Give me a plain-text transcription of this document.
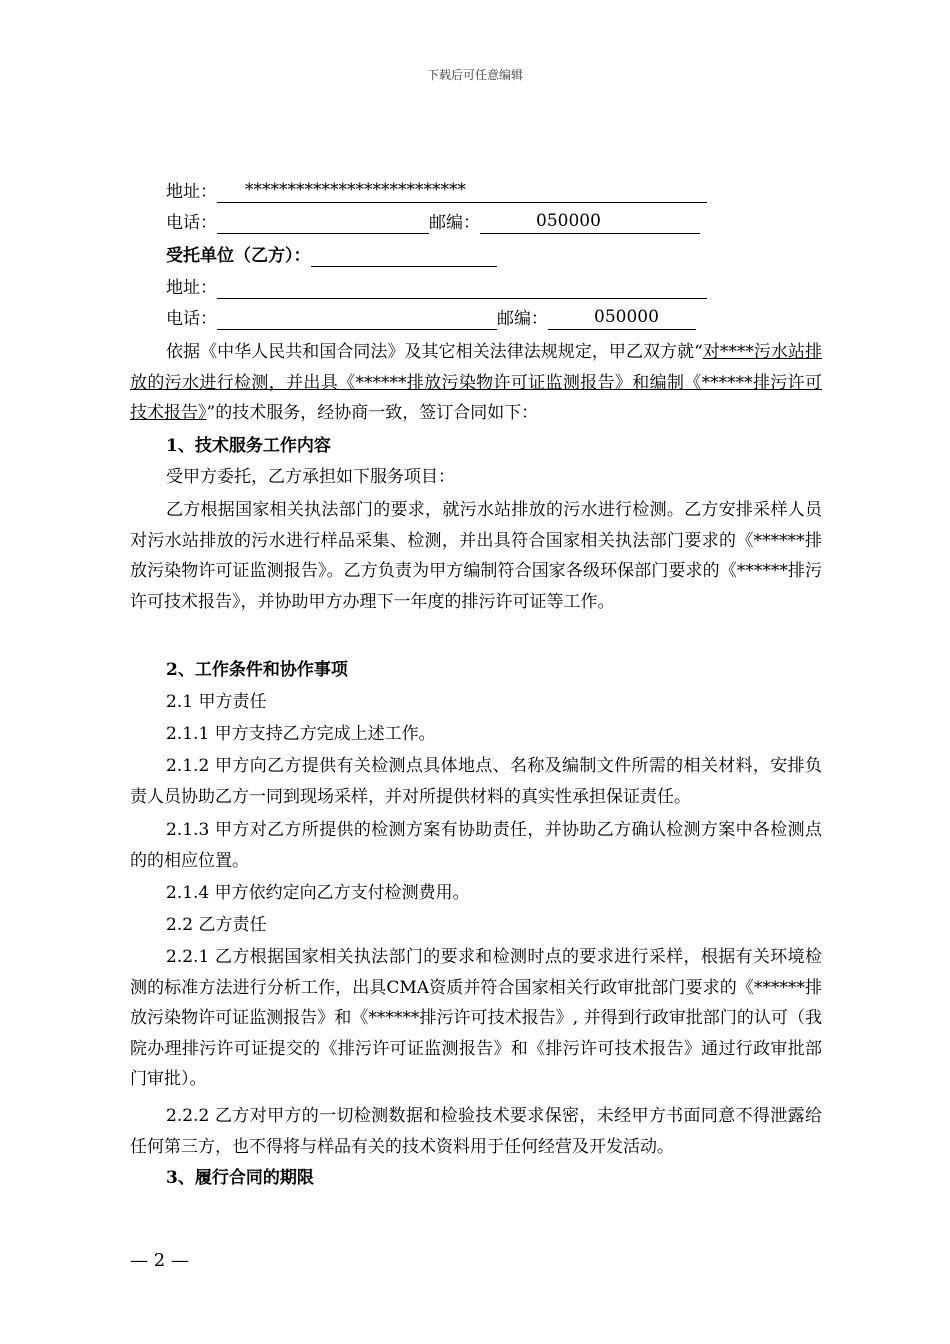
下载后可任意编辑
地址： **************************
电话：	邮编：	050000
受托单位（乙方）：
地址：
电话：	邮编：	050000

依据《中华人民共和国合同法》及其它相关法律法规规定，甲乙双方就“对****污水站排放的污水进行检测，并出具《******排放污染物许可证监测报告》和编制《******排污许可技术报告》”的技术服务，经协商一致，签订合同如下：

1、技术服务工作内容

受甲方委托，乙方承担如下服务项目：

乙方根据国家相关执法部门的要求，就污水站排放的污水进行检测。乙方安排采样人员对污水站排放的污水进行样品采集、检测，并出具符合国家相关执法部门要求的《******排放污染物许可证监测报告》。乙方负责为甲方编制符合国家各级环保部门要求的《******排污许可技术报告》，并协助甲方办理下一年度的排污许可证等工作。

2、工作条件和协作事项

2.1 甲方责任

2.1.1 甲方支持乙方完成上述工作。

2.1.2 甲方向乙方提供有关检测点具体地点、名称及编制文件所需的相关材料，安排负责人员协助乙方一同到现场采样，并对所提供材料的真实性承担保证责任。

2.1.3 甲方对乙方所提供的检测方案有协助责任，并协助乙方确认检测方案中各检测点的的相应位置。

2.1.4 甲方依约定向乙方支付检测费用。

2.2 乙方责任

2.2.1 乙方根据国家相关执法部门的要求和检测时点的要求进行采样，根据有关环境检测的标准方法进行分析工作，出具CMA资质并符合国家相关行政审批部门要求的《******排放污染物许可证监测报告》和《******排污许可技术报告》, 并得到行政审批部门的认可（我院办理排污许可证提交的《排污许可证监测报告》和《排污许可技术报告》通过行政审批部门审批）。

2.2.2 乙方对甲方的一切检测数据和检验技术要求保密，未经甲方书面同意不得泄露给任何第三方，也不得将与样品有关的技术资料用于任何经营及开发活动。

3、履行合同的期限

— 2 —
